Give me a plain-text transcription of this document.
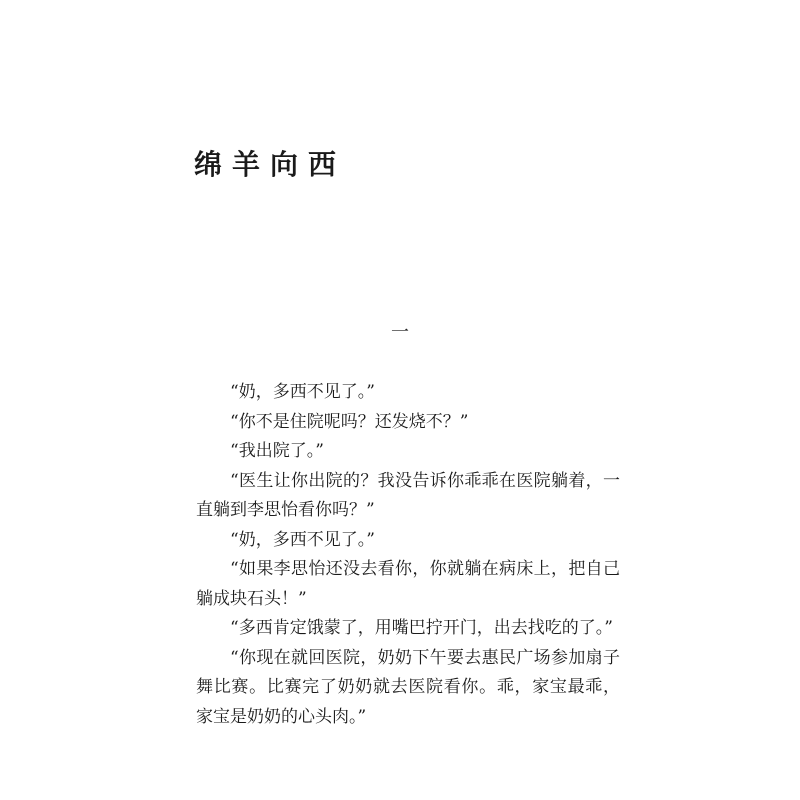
绵羊向西
一

“奶，多西不见了。”

“你不是住院呢吗？还发烧不？”

“我出院了。”

“医生让你出院的？我没告诉你乖乖在医院躺着，一直躺到李思怡看你吗？”

“奶，多西不见了。”

“如果李思怡还没去看你，你就躺在病床上，把自己躺成块石头！”

“多西肯定饿蒙了，用嘴巴拧开门，出去找吃的了。”

“你现在就回医院，奶奶下午要去惠民广场参加扇子舞比赛。比赛完了奶奶就去医院看你。乖，家宝最乖，家宝是奶奶的心头肉。”
